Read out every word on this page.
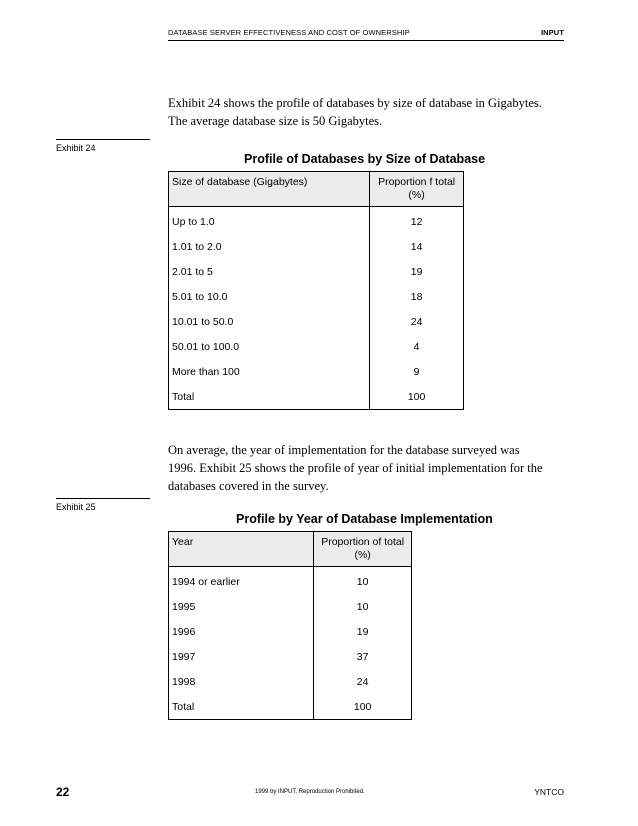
DATABASE SERVER EFFECTIVENESS AND COST OF OWNERSHIP	INPUT

Exhibit 24 shows the profile of databases by size of database in Gigabytes.

The average database size is 50 Gigabytes.

Exhibit 24
Profile of Databases by Size of Database
Size of database (Gigabytes)	Proportion f total
(%)
Up to 1.0	12
1.01 to 2.0	14
2.01 to 5	19
5.01 to 10.0	18
10.01 to 50.0	24
50.01 to 100.0	4
More than 100	9
Total	100

On average, the year of implementation for the database surveyed was

1996. Exhibit 25 shows the profile of year of initial implementation for the

databases covered in the survey.

Exhibit 25
Profile by Year of Database Implementation
Year	Proportion of total
(%)
1994 or earlier	10
1995	10
1996	19
1997	37
1998	24
Total	100
22	1999 by INPUT. Reproduction Prohibited.	YNTCO
